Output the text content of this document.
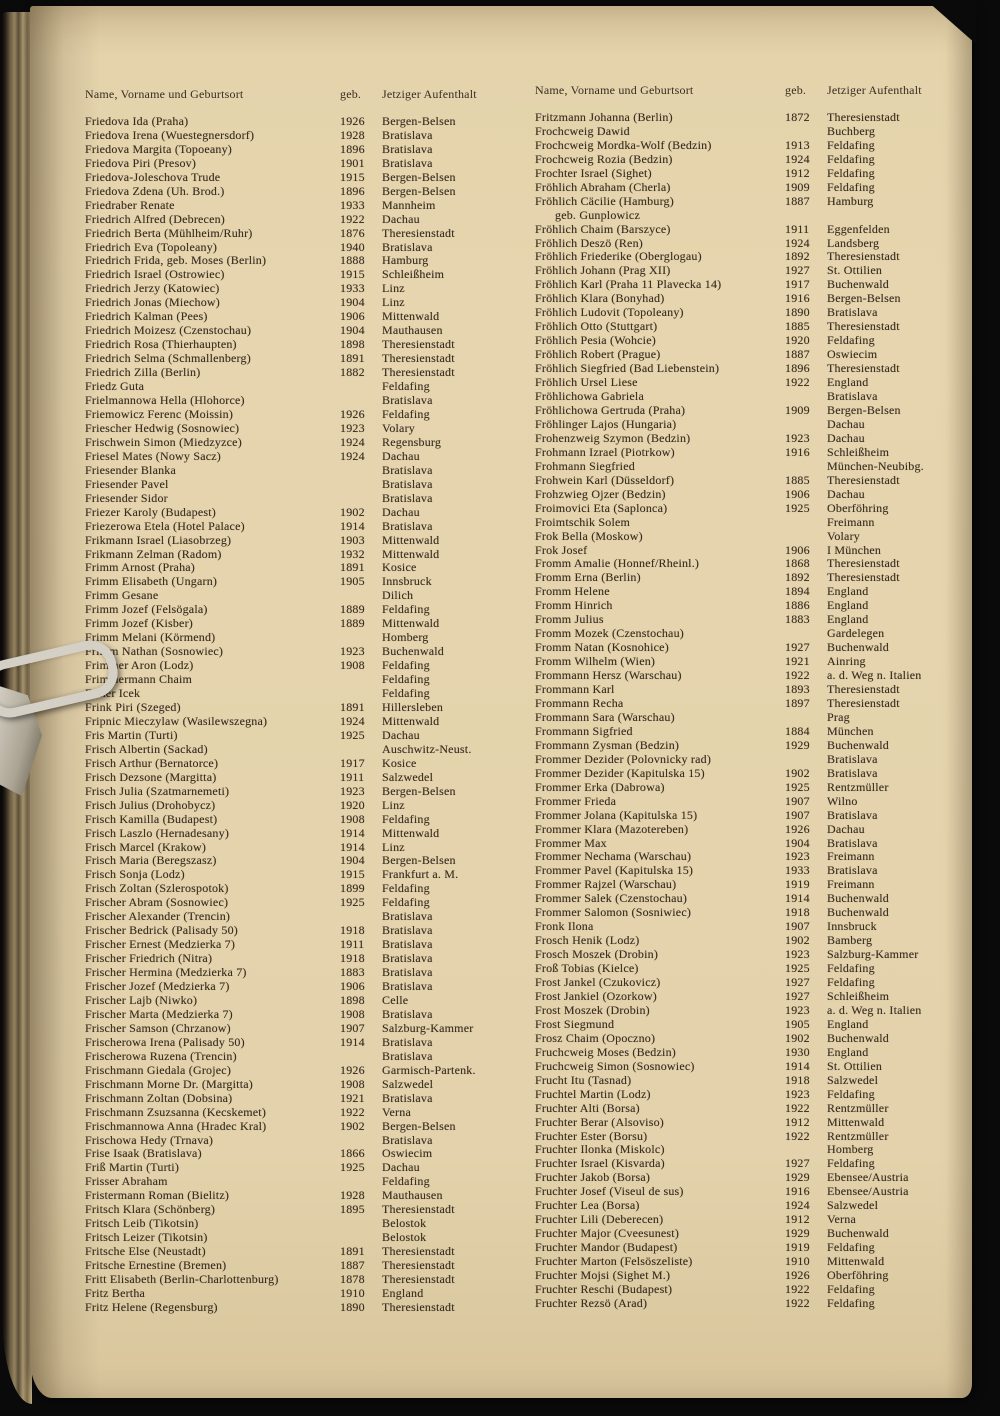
Name, Vorname und Geburtsort	geb.	Jetziger Aufenthalt
Friedova Ida (Praha)	1926	Bergen-Belsen
Friedova Irena (Wuestegnersdorf)	1928	Bratislava
Friedova Margita (Topoeany)	1896	Bratislava
Friedova Piri (Presov)	1901	Bratislava
Friedova-Joleschova Trude	1915	Bergen-Belsen
Friedova Zdena (Uh. Brod.)	1896	Bergen-Belsen
Friedraber Renate	1933	Mannheim
Friedrich Alfred (Debrecen)	1922	Dachau
Friedrich Berta (Mühlheim/Ruhr)	1876	Theresienstadt
Friedrich Eva (Topoleany)	1940	Bratislava
Friedrich Frida, geb. Moses (Berlin)	1888	Hamburg
Friedrich Israel (Ostrowiec)	1915	Schleißheim
Friedrich Jerzy (Katowiec)	1933	Linz
Friedrich Jonas (Miechow)	1904	Linz
Friedrich Kalman (Pees)	1906	Mittenwald
Friedrich Moizesz (Czenstochau)	1904	Mauthausen
Friedrich Rosa (Thierhaupten)	1898	Theresienstadt
Friedrich Selma (Schmallenberg)	1891	Theresienstadt
Friedrich Zilla (Berlin)	1882	Theresienstadt
Friedz Guta	Feldafing
Frielmannowa Hella (Hlohorce)	Bratislava
Friemowicz Ferenc (Moissin)	1926	Feldafing
Friescher Hedwig (Sosnowiec)	1923	Volary
Frischwein Simon (Miedzyzce)	1924	Regensburg
Friesel Mates (Nowy Sacz)	1924	Dachau
Friesender Blanka	Bratislava
Friesender Pavel	Bratislava
Friesender Sidor	Bratislava
Friezer Karoly (Budapest)	1902	Dachau
Friezerowa Etela (Hotel Palace)	1914	Bratislava
Frikmann Israel (Liasobrzeg)	1903	Mittenwald
Frikmann Zelman (Radom)	1932	Mittenwald
Frimm Arnost (Praha)	1891	Kosice
Frimm Elisabeth (Ungarn)	1905	Innsbruck
Frimm Gesane	Dilich
Frimm Jozef (Felsögala)	1889	Feldafing
Frimm Jozef (Kisber)	1889	Mittenwald
Frimm Melani (Körmend)	Homberg
Frimm Nathan (Sosnowiec)	1923	Buchenwald
Frimmer Aron (Lodz)	1908	Feldafing
Frimmermann Chaim	Feldafing
Friner Icek	Feldafing
Frink Piri (Szeged)	1891	Hillersleben
Fripnic Mieczylaw (Wasilewszegna)	1924	Mittenwald
Fris Martin (Turti)	1925	Dachau
Frisch Albertin (Sackad)	Auschwitz-Neust.
Frisch Arthur (Bernatorce)	1917	Kosice
Frisch Dezsone (Margitta)	1911	Salzwedel
Frisch Julia (Szatmarnemeti)	1923	Bergen-Belsen
Frisch Julius (Drohobycz)	1920	Linz
Frisch Kamilla (Budapest)	1908	Feldafing
Frisch Laszlo (Hernadesany)	1914	Mittenwald
Frisch Marcel (Krakow)	1914	Linz
Frisch Maria (Beregszasz)	1904	Bergen-Belsen
Frisch Sonja (Lodz)	1915	Frankfurt a. M.
Frisch Zoltan (Szlerospotok)	1899	Feldafing
Frischer Abram (Sosnowiec)	1925	Feldafing
Frischer Alexander (Trencin)	Bratislava
Frischer Bedrick (Palisady 50)	1918	Bratislava
Frischer Ernest (Medzierka 7)	1911	Bratislava
Frischer Friedrich (Nitra)	1918	Bratislava
Frischer Hermina (Medzierka 7)	1883	Bratislava
Frischer Jozef (Medzierka 7)	1906	Bratislava
Frischer Lajb (Niwko)	1898	Celle
Frischer Marta (Medzierka 7)	1908	Bratislava
Frischer Samson (Chrzanow)	1907	Salzburg-Kammer
Frischerowa Irena (Palisady 50)	1914	Bratislava
Frischerowa Ruzena (Trencin)	Bratislava
Frischmann Giedala (Grojec)	1926	Garmisch-Partenk.
Frischmann Morne Dr. (Margitta)	1908	Salzwedel
Frischmann Zoltan (Dobsina)	1921	Bratislava
Frischmann Zsuzsanna (Kecskemet)	1922	Verna
Frischmannowa Anna (Hradec Kral)	1902	Bergen-Belsen
Frischowa Hedy (Trnava)	Bratislava
Frise Isaak (Bratislava)	1866	Oswiecim
Friß Martin (Turti)	1925	Dachau
Frisser Abraham	Feldafing
Fristermann Roman (Bielitz)	1928	Mauthausen
Fritsch Klara (Schönberg)	1895	Theresienstadt
Fritsch Leib (Tikotsin)	Belostok
Fritsch Leizer (Tikotsin)	Belostok
Fritsche Else (Neustadt)	1891	Theresienstadt
Fritsche Ernestine (Bremen)	1887	Theresienstadt
Fritt Elisabeth (Berlin-Charlottenburg)	1878	Theresienstadt
Fritz Bertha	1910	England
Fritz Helene (Regensburg)	1890	Theresienstadt
Name, Vorname und Geburtsort	geb.	Jetziger Aufenthalt
Fritzmann Johanna (Berlin)	1872	Theresienstadt
Frochcweig Dawid	Buchberg
Frochcweig Mordka-Wolf (Bedzin)	1913	Feldafing
Frochcweig Rozia (Bedzin)	1924	Feldafing
Frochter Israel (Sighet)	1912	Feldafing
Fröhlich Abraham (Cherla)	1909	Feldafing
Fröhlich Cäcilie (Hamburg)	1887	Hamburg
geb. Gunplowicz
Fröhlich Chaim (Barszyce)	1911	Eggenfelden
Fröhlich Deszö (Ren)	1924	Landsberg
Fröhlich Friederike (Oberglogau)	1892	Theresienstadt
Fröhlich Johann (Prag XII)	1927	St. Ottilien
Fröhlich Karl (Praha 11 Plavecka 14)	1917	Buchenwald
Fröhlich Klara (Bonyhad)	1916	Bergen-Belsen
Fröhlich Ludovit (Topoleany)	1890	Bratislava
Fröhlich Otto (Stuttgart)	1885	Theresienstadt
Fröhlich Pesia (Wohcie)	1920	Feldafing
Fröhlich Robert (Prague)	1887	Oswiecim
Fröhlich Siegfried (Bad Liebenstein)	1896	Theresienstadt
Fröhlich Ursel Liese	1922	England
Fröhlichowa Gabriela	Bratislava
Fröhlichowa Gertruda (Praha)	1909	Bergen-Belsen
Fröhlinger Lajos (Hungaria)	Dachau
Frohenzweig Szymon (Bedzin)	1923	Dachau
Frohmann Izrael (Piotrkow)	1916	Schleißheim
Frohmann Siegfried	München-Neubibg.
Frohwein Karl (Düsseldorf)	1885	Theresienstadt
Frohzwieg Ojzer (Bedzin)	1906	Dachau
Froimovici Eta (Saplonca)	1925	Oberföhring
Froimtschik Solem	Freimann
Frok Bella (Moskow)	Volary
Frok Josef	1906	I München
Fromm Amalie (Honnef/Rheinl.)	1868	Theresienstadt
Fromm Erna (Berlin)	1892	Theresienstadt
Fromm Helene	1894	England
Fromm Hinrich	1886	England
Fromm Julius	1883	England
Fromm Mozek (Czenstochau)	Gardelegen
Fromm Natan (Kosnohice)	1927	Buchenwald
Fromm Wilhelm (Wien)	1921	Ainring
Frommann Hersz (Warschau)	1922	a. d. Weg n. Italien
Frommann Karl	1893	Theresienstadt
Frommann Recha	1897	Theresienstadt
Frommann Sara (Warschau)	Prag
Frommann Sigfried	1884	München
Frommann Zysman (Bedzin)	1929	Buchenwald
Frommer Dezider (Polovnicky rad)	Bratislava
Frommer Dezider (Kapitulska 15)	1902	Bratislava
Frommer Erka (Dabrowa)	1925	Rentzmüller
Frommer Frieda	1907	Wilno
Frommer Jolana (Kapitulska 15)	1907	Bratislava
Frommer Klara (Mazotereben)	1926	Dachau
Frommer Max	1904	Bratislava
Frommer Nechama (Warschau)	1923	Freimann
Frommer Pavel (Kapitulska 15)	1933	Bratislava
Frommer Rajzel (Warschau)	1919	Freimann
Frommer Salek (Czenstochau)	1914	Buchenwald
Frommer Salomon (Sosniwiec)	1918	Buchenwald
Fronk Ilona	1907	Innsbruck
Frosch Henik (Lodz)	1902	Bamberg
Frosch Moszek (Drobin)	1923	Salzburg-Kammer
Froß Tobias (Kielce)	1925	Feldafing
Frost Jankel (Czukovicz)	1927	Feldafing
Frost Jankiel (Ozorkow)	1927	Schleißheim
Frost Moszek (Drobin)	1923	a. d. Weg n. Italien
Frost Siegmund	1905	England
Frosz Chaim (Opoczno)	1902	Buchenwald
Fruchcweig Moses (Bedzin)	1930	England
Fruchcweig Simon (Sosnowiec)	1914	St. Ottilien
Frucht Itu (Tasnad)	1918	Salzwedel
Fruchtel Martin (Lodz)	1923	Feldafing
Fruchter Alti (Borsa)	1922	Rentzmüller
Fruchter Berar (Alsoviso)	1912	Mittenwald
Fruchter Ester (Borsu)	1922	Rentzmüller
Fruchter Ilonka (Miskolc)	Homberg
Fruchter Israel (Kisvarda)	1927	Feldafing
Fruchter Jakob (Borsa)	1929	Ebensee/Austria
Fruchter Josef (Viseul de sus)	1916	Ebensee/Austria
Fruchter Lea (Borsa)	1924	Salzwedel
Fruchter Lili (Deberecen)	1912	Verna
Fruchter Major (Cveesunest)	1929	Buchenwald
Fruchter Mandor (Budapest)	1919	Feldafing
Fruchter Marton (Felsöszeliste)	1910	Mittenwald
Fruchter Mojsi (Sighet M.)	1926	Oberföhring
Fruchter Reschi (Budapest)	1922	Feldafing
Fruchter Rezsö (Arad)	1922	Feldafing
